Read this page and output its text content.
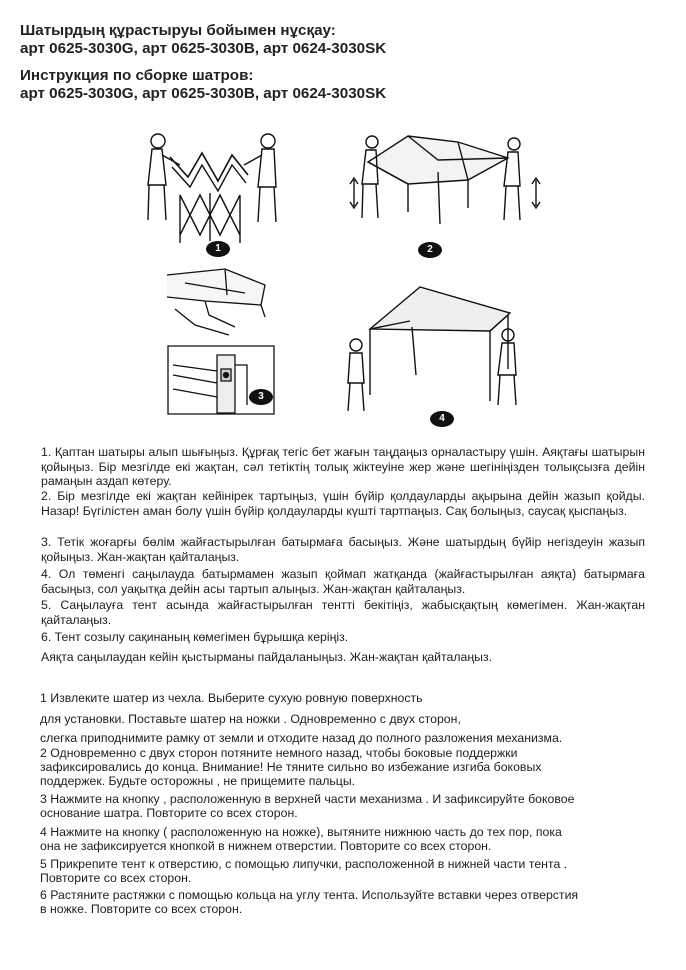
Шатырдың құрастыруы бойымен нұсқау:
арт 0625-3030G, арт 0625-3030В, арт 0624-3030SK
Инструкция по сборке шатров:
арт 0625-3030G, арт 0625-3030В, арт 0624-3030SK
1	2
3
4

1. Қаптан шатыры алып шығыңыз. Құрғақ тегіс бет жағын таңдаңыз орналастыру үшін. Аяқтағы шатырын қойыңыз. Бір мезгілде екі жақтан, сәл тетіктің толық жіктеуіне жер және шегініңізден толықсызға дейін рамаңын аздап көтеру.

2. Бір мезгілде екі жақтан кейінірек тартыңыз, үшін бүйір қолдауларды ақырына дейін жазып қойды. Назар! Бүгілістен аман болу үшін бүйір қолдауларды күшті тартпаңыз. Сақ болыңыз, саусақ қыспаңыз.

3. Тетік жоғарғы бөлім жайғастырылған батырмаға басыңыз. Және шатырдың бүйір негіздеуін жазып қойыңыз. Жан-жақтан қайталаңыз.

4. Ол төменгі саңылауда батырмамен жазып қоймап жатқанда (жайғастырылған аяқта) батырмаға басыңыз, сол уақытқа дейін асы тартып алыңыз. Жан-жақтан қайталаңыз.

5. Саңылауға тент асында жайғастырылған тентті бекітіңіз, жабысқақтың көмегімен. Жан-жақтан қайталаңыз.

6. Тент созылу сақинаның көмегімен бұрышқа керіңіз.

Аяқта саңылаудан кейін қыстырманы пайдаланыңыз. Жан-жақтан қайталаңыз.

1 Извлеките шатер из чехла. Выберите сухую ровную поверхность

для установки. Поставьте шатер на ножки . Одновременно с двух сторон,

слегка приподнимите рамку от земли и отходите назад до полного разложения механизма.

2 Одновременно с двух сторон потяните немного назад, чтобы боковые поддержки

зафиксировались до конца. Внимание! Не тяните сильно во избежание изгиба боковых

поддержек. Будьте осторожны , не прищемите пальцы.

3 Нажмите на кнопку , расположенную в верхней части механизма . И зафиксируйте боковое

основание шатра. Повторите со всех сторон.

4 Нажмите на кнопку ( расположенную на ножке), вытяните нижнюю часть до тех пор, пока

она не зафиксируется кнопкой в нижнем отверстии. Повторите со всех сторон.

5 Прикрепите тент к отверстию, с помощью липучки, расположенной в нижней части тента .

Повторите со всех сторон.

6 Растяните растяжки с помощью кольца на углу тента. Используйте вставки через отверстия

в ножке. Повторите со всех сторон.
